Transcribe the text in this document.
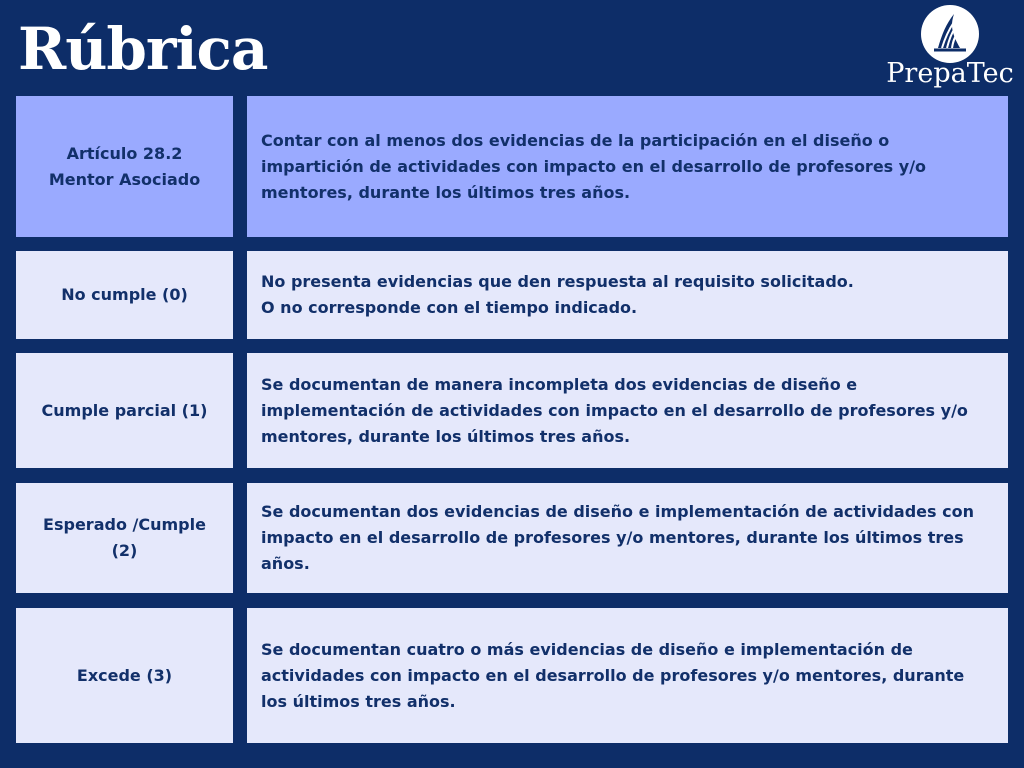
Rúbrica	PrepaTec
Artículo 28.2
Mentor Asociado
Contar con al menos dos evidencias de la participación en el diseño o
impartición de actividades con impacto en el desarrollo de profesores y/o
mentores, durante los últimos tres años.
No cumple (0)
No presenta evidencias que den respuesta al requisito solicitado.
O no corresponde con el tiempo indicado.
Cumple parcial (1)
Se documentan de manera incompleta dos evidencias de diseño e
implementación de actividades con impacto en el desarrollo de profesores y/o
mentores, durante los últimos tres años.
Esperado /Cumple
(2)
Se documentan dos evidencias de diseño e implementación de actividades con
impacto en el desarrollo de profesores y/o mentores, durante los últimos tres
años.
Excede (3)
Se documentan cuatro o más evidencias de diseño e implementación de
actividades con impacto en el desarrollo de profesores y/o mentores, durante
los últimos tres años.
